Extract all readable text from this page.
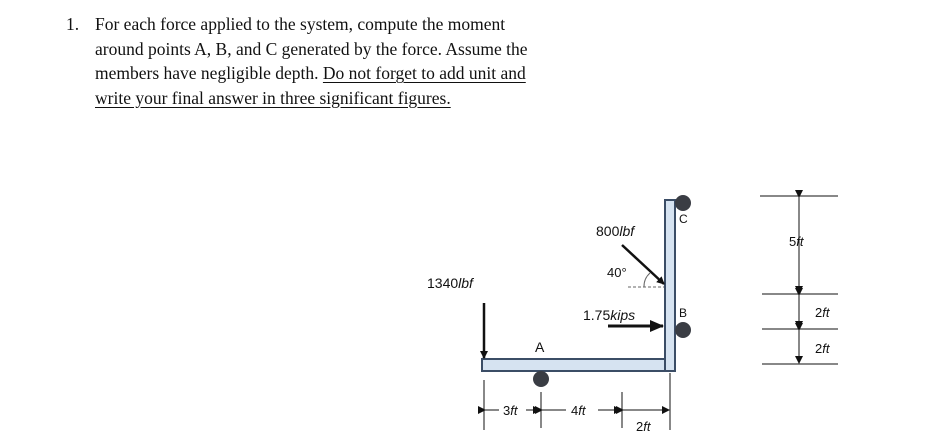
1. For each force applied to the system, compute the moment around points A, B, and C generated by the force. Assume the members have negligible depth. Do not forget to add unit and write your final answer in three significant figures.
A
B
C
1340lbf
40°
800lbf
1.75kips
3ft	4ft
2ft
5ft
2ft
2ft
